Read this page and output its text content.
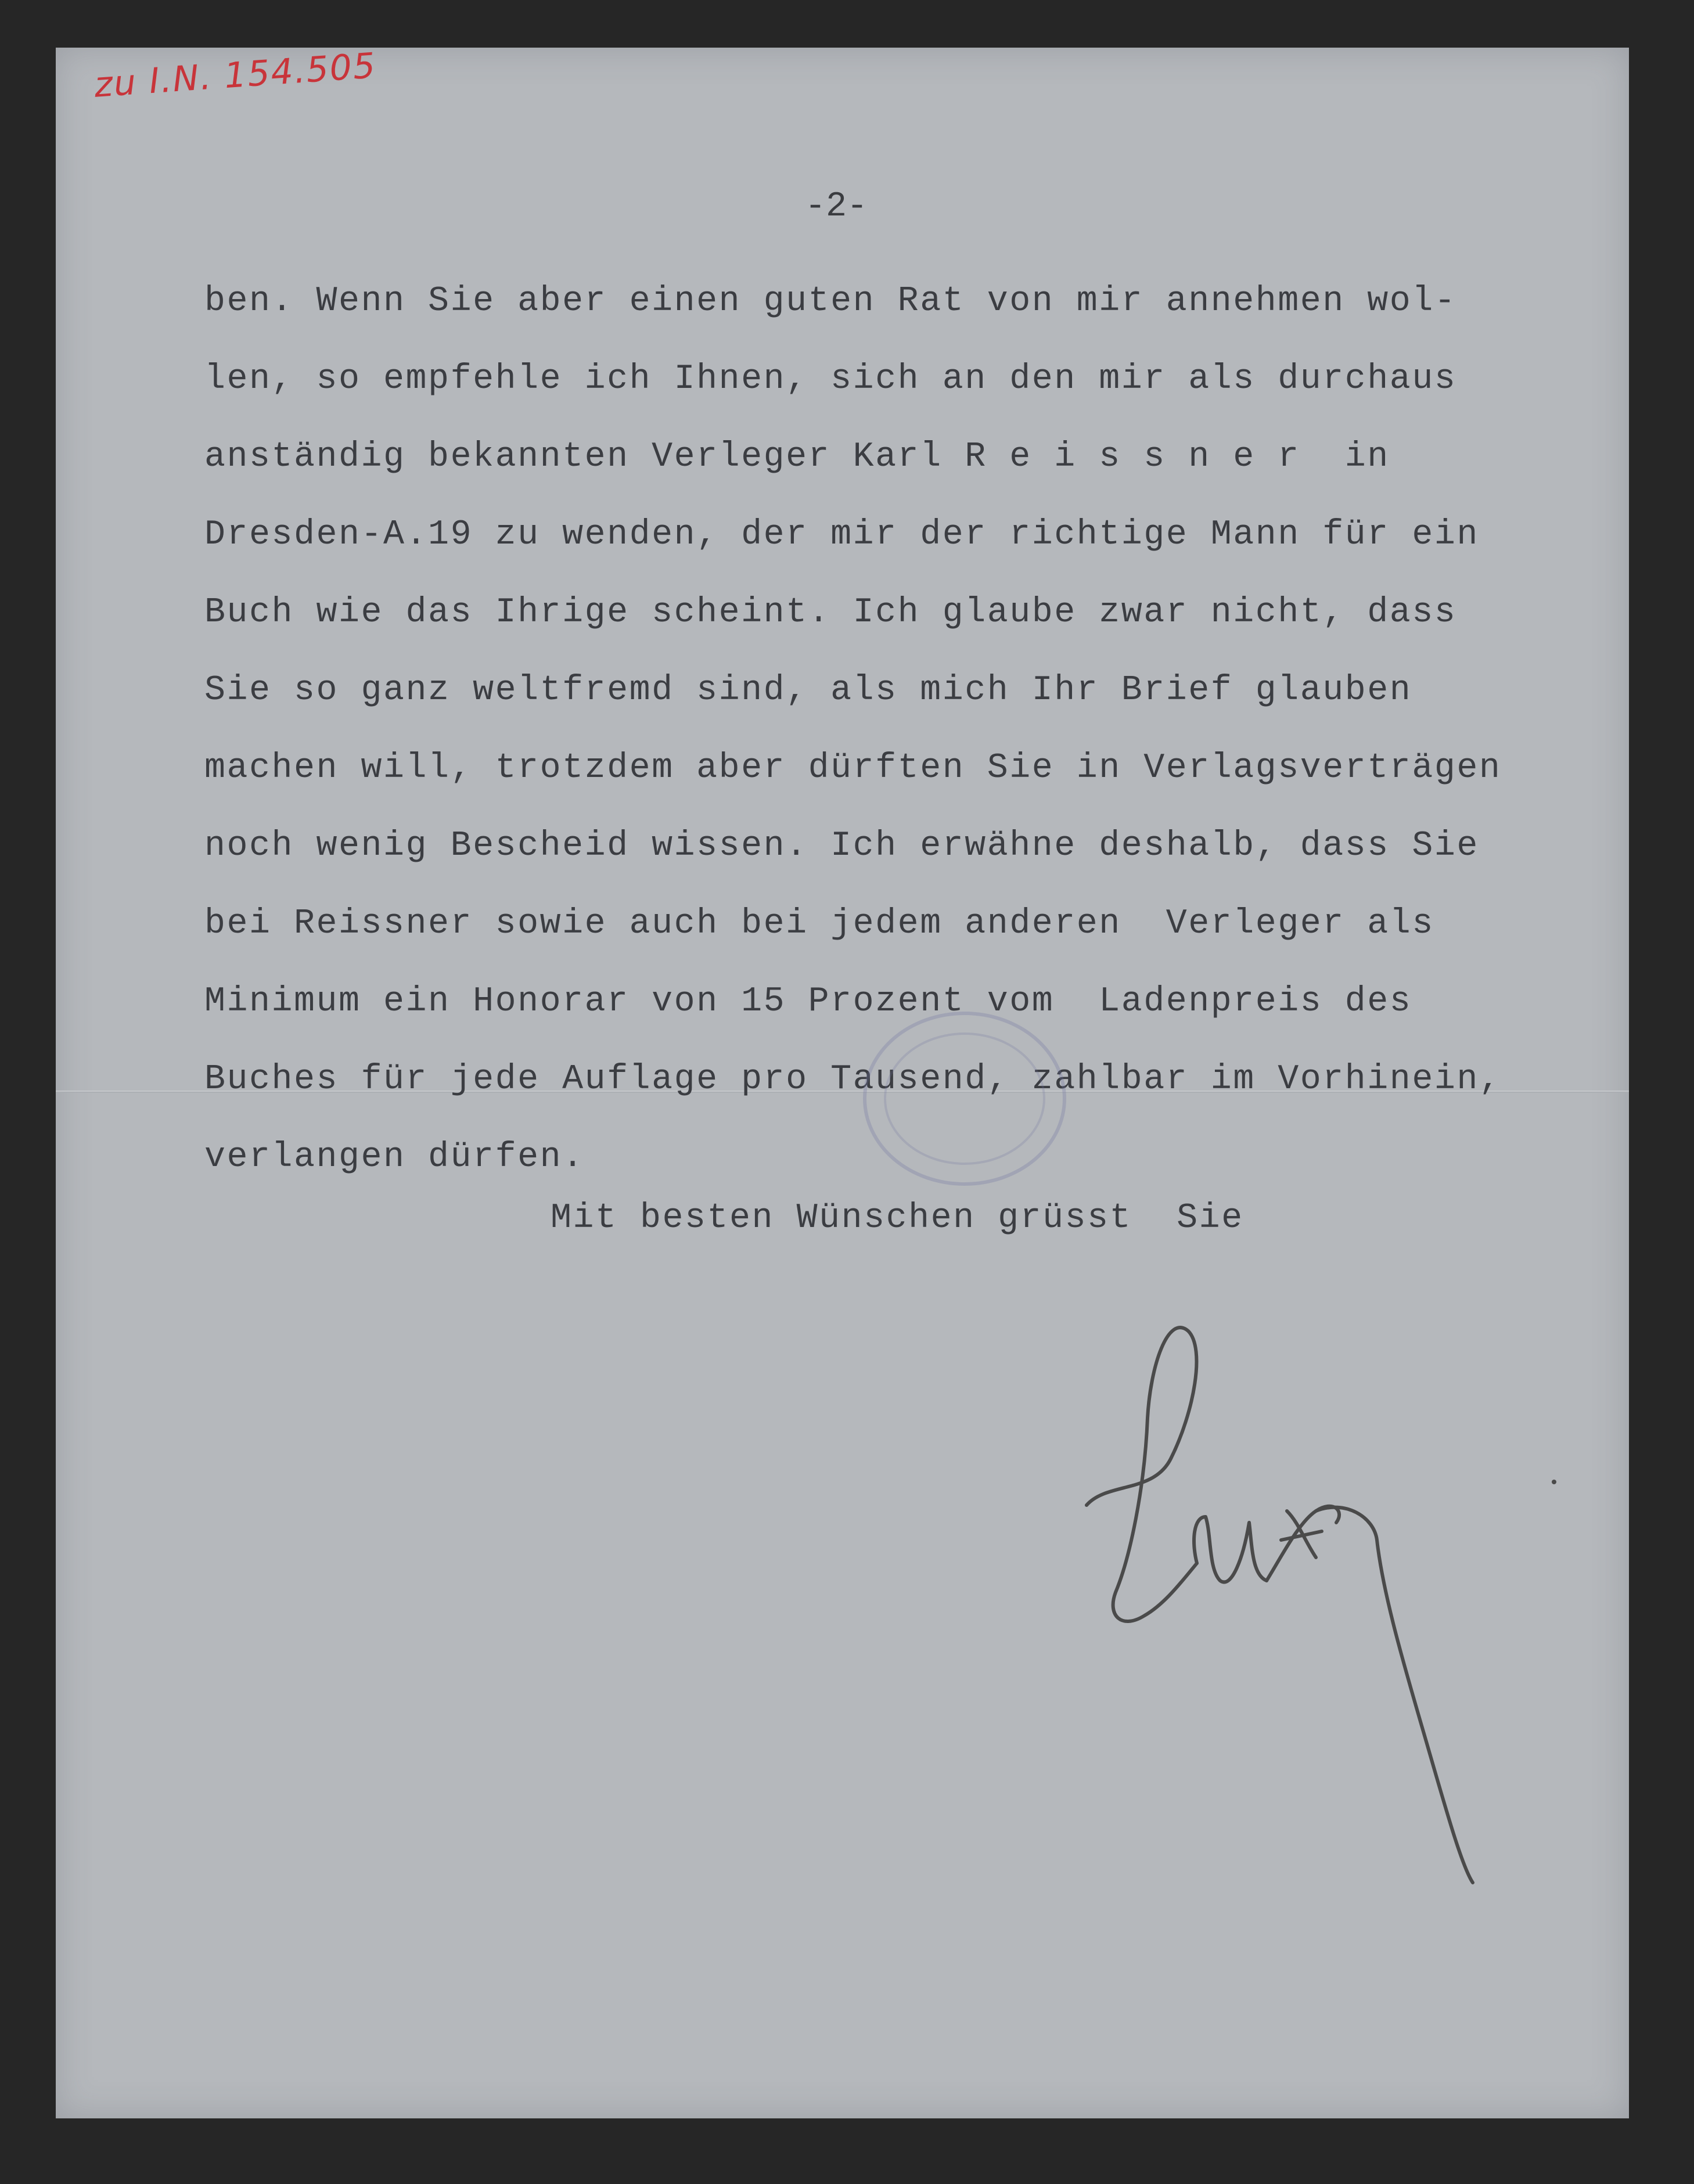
zu I.N. 154.505
-2-
ben. Wenn Sie aber einen guten Rat von mir annehmen wol-
len, so empfehle ich Ihnen, sich an den mir als durchaus
anständig bekannten Verleger Karl R e i s s n e r  in
Dresden-A.19 zu wenden, der mir der richtige Mann für ein
Buch wie das Ihrige scheint. Ich glaube zwar nicht, dass
Sie so ganz weltfremd sind, als mich Ihr Brief glauben
machen will, trotzdem aber dürften Sie in Verlagsverträgen
noch wenig Bescheid wissen. Ich erwähne deshalb, dass Sie
bei Reissner sowie auch bei jedem anderen  Verleger als
Minimum ein Honorar von 15 Prozent vom  Ladenpreis des
Buches für jede Auflage pro Tausend, zahlbar im Vorhinein,
verlangen dürfen.
Mit besten Wünschen grüsst  Sie
